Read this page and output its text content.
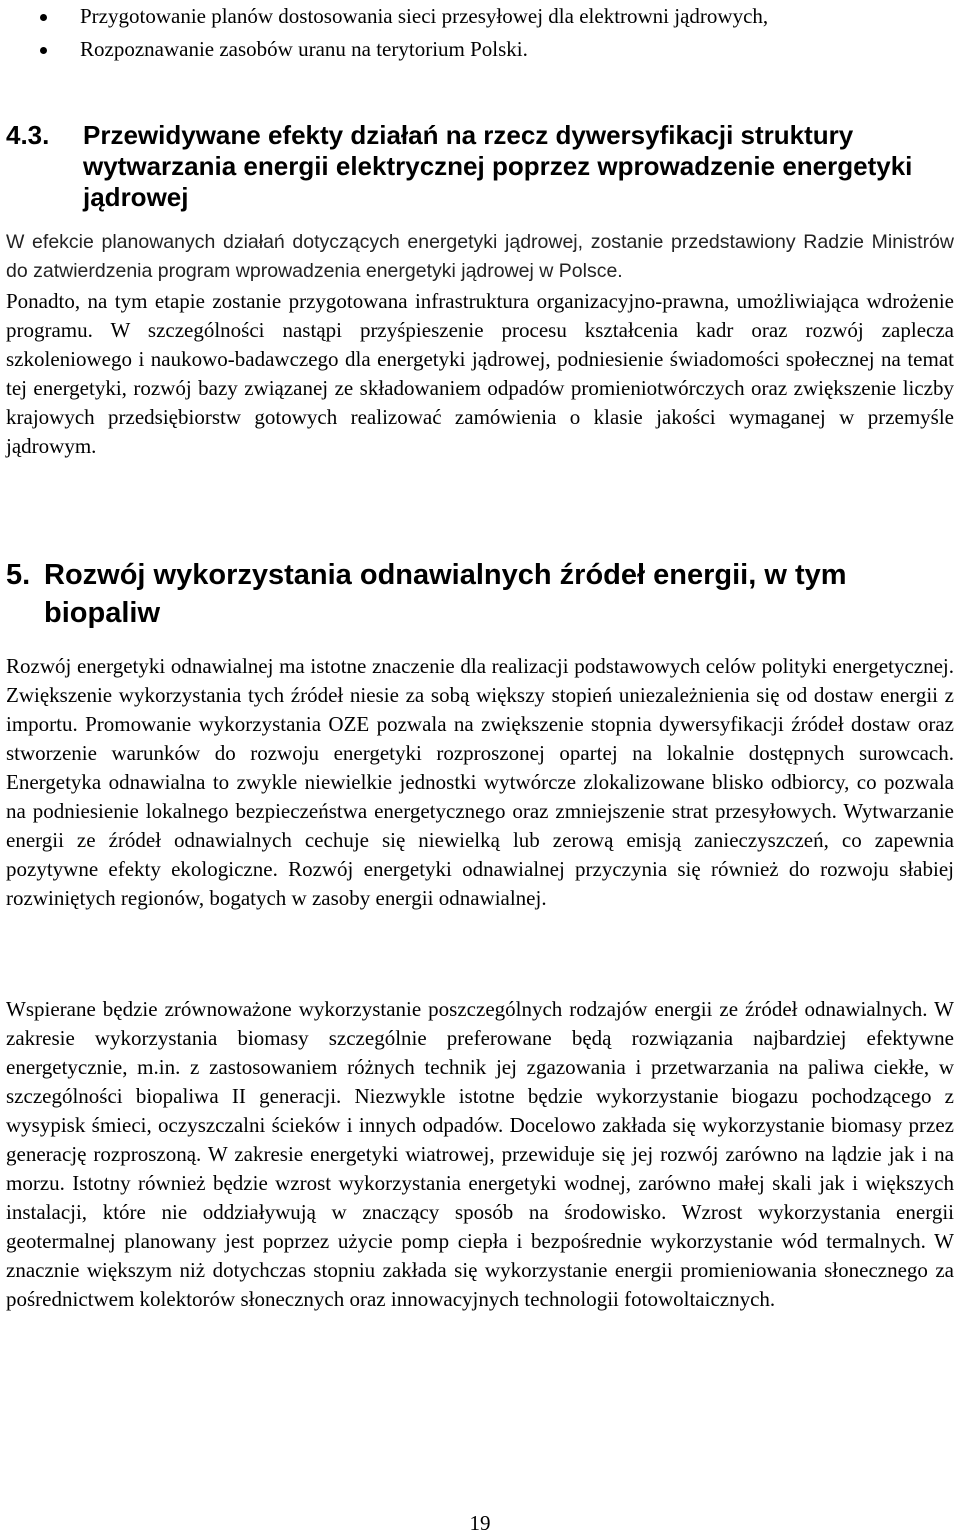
Przygotowanie planów dostosowania sieci przesyłowej dla elektrowni jądrowych,
Rozpoznawanie zasobów uranu na terytorium Polski.
4.3.	Przewidywane efekty działań na rzecz dywersyfikacji struktury wytwarzania energii elektrycznej poprzez wprowadzenie energetyki jądrowej
W efekcie planowanych działań dotyczących energetyki jądrowej, zostanie przedstawiony Radzie Ministrów do zatwierdzenia program wprowadzenia energetyki jądrowej w Polsce.
Ponadto, na tym etapie zostanie przygotowana infrastruktura organizacyjno-prawna, umożliwiająca wdrożenie programu. W szczególności nastąpi przyśpieszenie procesu kształcenia kadr oraz rozwój zaplecza szkoleniowego i naukowo-badawczego dla energetyki jądrowej, podniesienie świadomości społecznej na temat tej energetyki, rozwój bazy związanej ze składowaniem odpadów promieniotwórczych oraz zwiększenie liczby krajowych przedsiębiorstw gotowych realizować zamówienia o klasie jakości wymaganej w przemyśle jądrowym.
5. Rozwój wykorzystania odnawialnych źródeł energii, w tym biopaliw
Rozwój energetyki odnawialnej ma istotne znaczenie dla realizacji podstawowych celów polityki energetycznej. Zwiększenie wykorzystania tych źródeł niesie za sobą większy stopień uniezależnienia się od dostaw energii z importu. Promowanie wykorzystania OZE pozwala na zwiększenie stopnia dywersyfikacji źródeł dostaw oraz stworzenie warunków do rozwoju energetyki rozproszonej opartej na lokalnie dostępnych surowcach. Energetyka odnawialna to zwykle niewielkie jednostki wytwórcze zlokalizowane blisko odbiorcy, co pozwala na podniesienie lokalnego bezpieczeństwa energetycznego oraz zmniejszenie strat przesyłowych. Wytwarzanie energii ze źródeł odnawialnych cechuje się niewielką lub zerową emisją zanieczyszczeń, co zapewnia pozytywne efekty ekologiczne. Rozwój energetyki odnawialnej przyczynia się również do rozwoju słabiej rozwiniętych regionów, bogatych w zasoby energii odnawialnej.
Wspierane będzie zrównoważone wykorzystanie poszczególnych rodzajów energii ze źródeł odnawialnych. W zakresie wykorzystania biomasy szczególnie preferowane będą rozwiązania najbardziej efektywne energetycznie, m.in. z zastosowaniem różnych technik jej zgazowania i przetwarzania na paliwa ciekłe, w szczególności biopaliwa II generacji. Niezwykle istotne będzie wykorzystanie biogazu pochodzącego z wysypisk śmieci, oczyszczalni ścieków i innych odpadów. Docelowo zakłada się wykorzystanie biomasy przez generację rozproszoną. W zakresie energetyki wiatrowej, przewiduje się jej rozwój zarówno na lądzie jak i na morzu. Istotny również będzie wzrost wykorzystania energetyki wodnej, zarówno małej skali jak i większych instalacji, które nie oddziaływują w znaczący sposób na środowisko. Wzrost wykorzystania energii geotermalnej planowany jest poprzez użycie pomp ciepła i bezpośrednie wykorzystanie wód termalnych. W znacznie większym niż dotychczas stopniu zakłada się wykorzystanie energii promieniowania słonecznego za pośrednictwem kolektorów słonecznych oraz innowacyjnych technologii fotowoltaicznych.
19
